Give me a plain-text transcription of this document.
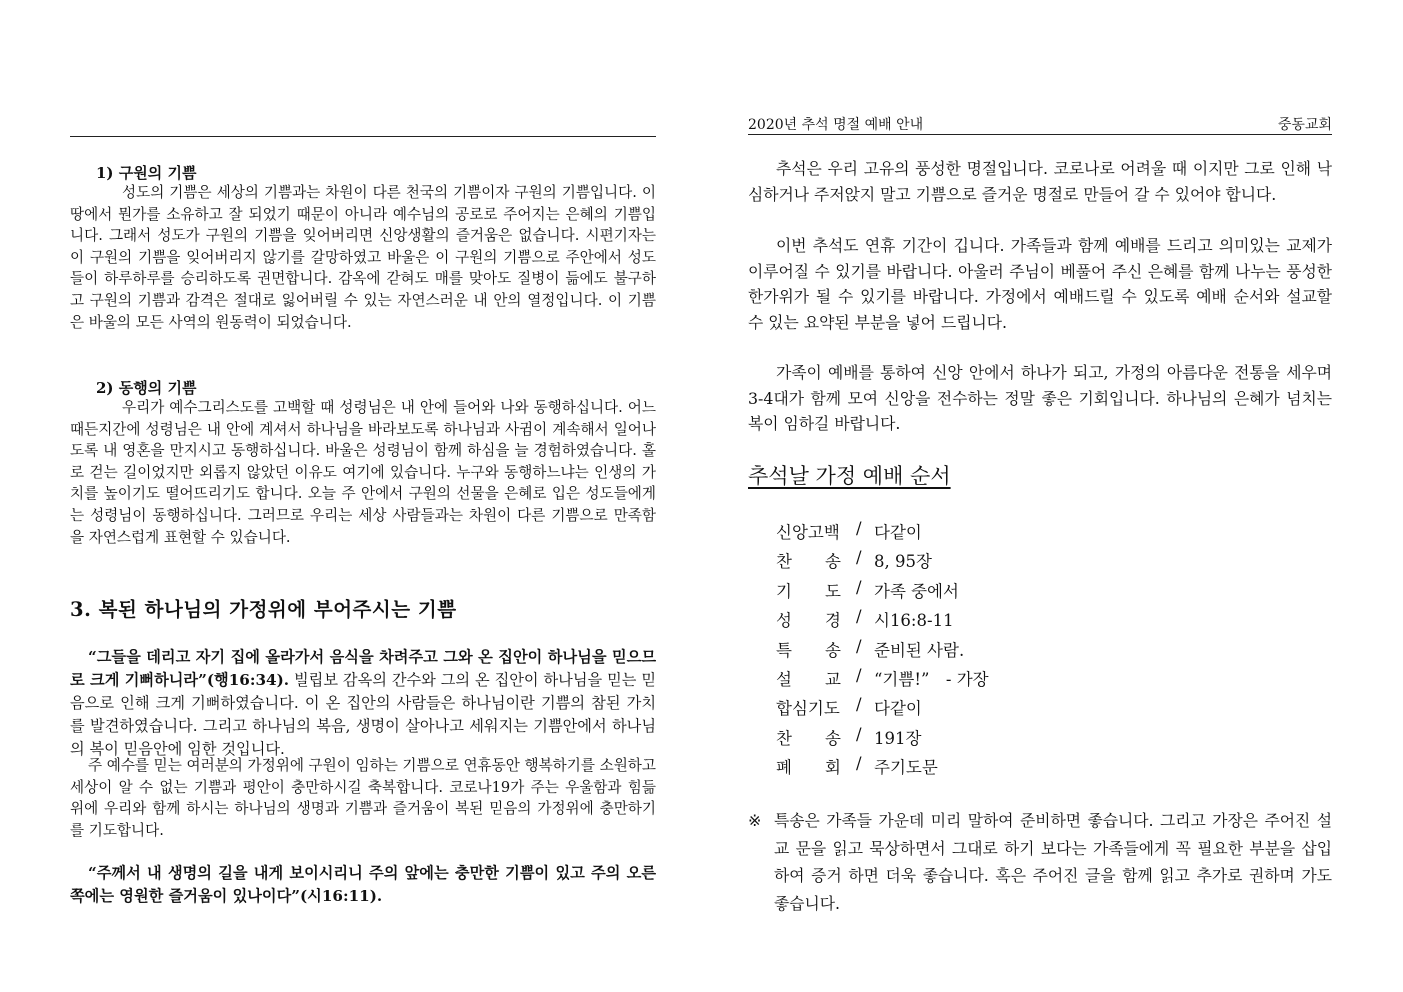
1) 구원의 기쁨
성도의 기쁨은 세상의 기쁨과는 차원이 다른 천국의 기쁨이자 구원의 기쁨입니다. 이 땅에서 뭔가를 소유하고 잘 되었기 때문이 아니라 예수님의 공로로 주어지는 은혜의 기쁨입니다. 그래서 성도가 구원의 기쁨을 잊어버리면 신앙생활의 즐거움은 없습니다. 시편기자는 이 구원의 기쁨을 잊어버리지 않기를 갈망하였고 바울은 이 구원의 기쁨으로 주안에서 성도들이 하루하루를 승리하도록 권면합니다. 감옥에 갇혀도 매를 맞아도 질병이 듦에도 불구하고 구원의 기쁨과 감격은 절대로 잃어버릴 수 있는 자연스러운 내 안의 열정입니다. 이 기쁨은 바울의 모든 사역의 원동력이 되었습니다.
2) 동행의 기쁨
우리가 예수그리스도를 고백할 때 성령님은 내 안에 들어와 나와 동행하십니다. 어느 때든지간에 성령님은 내 안에 계셔서 하나님을 바라보도록 하나님과 사귐이 계속해서 일어나도록 내 영혼을 만지시고 동행하십니다. 바울은 성령님이 함께 하심을 늘 경험하였습니다. 홀로 걷는 길이었지만 외롭지 않았던 이유도 여기에 있습니다. 누구와 동행하느냐는 인생의 가치를 높이기도 떨어뜨리기도 합니다. 오늘 주 안에서 구원의 선물을 은혜로 입은 성도들에게는 성령님이 동행하십니다. 그러므로 우리는 세상 사람들과는 차원이 다른 기쁨으로 만족함을 자연스럽게 표현할 수 있습니다.
3. 복된 하나님의 가정위에 부어주시는 기쁨
“그들을 데리고 자기 집에 올라가서 음식을 차려주고 그와 온 집안이 하나님을 믿으므로 크게 기뻐하니라”(행16:34). 빌립보 감옥의 간수와 그의 온 집안이 하나님을 믿는 믿음으로 인해 크게 기뻐하였습니다. 이 온 집안의 사람들은 하나님이란 기쁨의 참된 가치를 발견하였습니다. 그리고 하나님의 복음, 생명이 살아나고 세워지는 기쁨안에서 하나님의 복이 믿음안에 임한 것입니다.
주 예수를 믿는 여러분의 가정위에 구원이 임하는 기쁨으로 연휴동안 행복하기를 소원하고 세상이 알 수 없는 기쁨과 평안이 충만하시길 축복합니다. 코로나19가 주는 우울함과 힘듦 위에 우리와 함께 하시는 하나님의 생명과 기쁨과 즐거움이 복된 믿음의 가정위에 충만하기를 기도합니다.
“주께서 내 생명의 길을 내게 보이시리니 주의 앞에는 충만한 기쁨이 있고 주의 오른쪽에는 영원한 즐거움이 있나이다”(시16:11).
2020년 추석 명절 예배 안내	중동교회
추석은 우리 고유의 풍성한 명절입니다. 코로나로 어려울 때 이지만 그로 인해 낙심하거나 주저앉지 말고 기쁨으로 즐거운 명절로 만들어 갈 수 있어야 합니다.
이번 추석도 연휴 기간이 깁니다. 가족들과 함께 예배를 드리고 의미있는 교제가 이루어질 수 있기를 바랍니다. 아울러 주님이 베풀어 주신 은혜를 함께 나누는 풍성한 한가위가 될 수 있기를 바랍니다. 가정에서 예배드릴 수 있도록 예배 순서와 설교할 수 있는 요약된 부분을 넣어 드립니다.
가족이 예배를 통하여 신앙 안에서 하나가 되고, 가정의 아름다운 전통을 세우며 3-4대가 함께 모여 신앙을 전수하는 정말 좋은 기회입니다. 하나님의 은혜가 넘치는 복이 임하길 바랍니다.
추석날 가정 예배 순서
신앙고백 / 다같이
찬　　송 / 8, 95장
기　　도 / 가족 중에서
성　　경 / 시16:8-11
특　　송 / 준비된 사람.
설　　교 / “기쁨!”　- 가장
합심기도 / 다같이
찬　　송 / 191장
폐　　회 / 주기도문
※ 특송은 가족들 가운데 미리 말하여 준비하면 좋습니다. 그리고 가장은 주어진 설교 문을 읽고 묵상하면서 그대로 하기 보다는 가족들에게 꼭 필요한 부분을 삽입하여 증거 하면 더욱 좋습니다. 혹은 주어진 글을 함께 읽고 추가로 권하며 가도 좋습니다.
